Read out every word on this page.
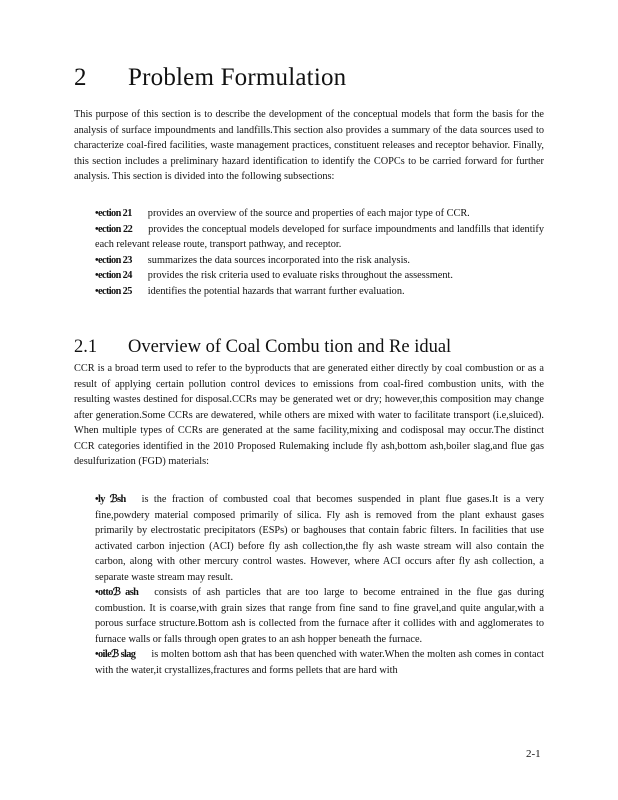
2 Problem Formulation

This purpose of this section is to describe the development of the conceptual models that form the basis for the analysis of surface impoundments and landfills.This section also provides a summary of the data sources used to characterize coal-fired facilities, waste management practices, constituent releases and receptor behavior. Finally, this section includes a preliminary hazard identification to identify the COPCs to be carried forward for further analysis. This section is divided into the following subsections:

•ection 21 provides an overview of the source and properties of each major type of CCR.
•ection 22 provides the conceptual models developed for surface impoundments and landfills that identify each relevant release route, transport pathway, and receptor.
•ection 23 summarizes the data sources incorporated into the risk analysis.
•ection 24 provides the risk criteria used to evaluate risks throughout the assessment.
•ection 25 identifies the potential hazards that warrant further evaluation.
2.1 Overview of Coal Combu tion and Re idual

CCR is a broad term used to refer to the byproducts that are generated either directly by coal combustion or as a result of applying certain pollution control devices to emissions from coal-fired combustion units, with the resulting wastes destined for disposal.CCRs may be generated wet or dry; however,this composition may change after generation.Some CCRs are dewatered, while others are mixed with water to facilitate transport (i.e,sluiced). When multiple types of CCRs are generated at the same facility,mixing and codisposal may occur.The distinct CCR categories identified in the 2010 Proposed Rulemaking include fly ash,bottom ash,boiler slag,and flue gas desulfurization (FGD) materials:

•ly ℬsh is the fraction of combusted coal that becomes suspended in plant flue gases.It is a very fine,powdery material composed primarily of silica. Fly ash is removed from the plant exhaust gases primarily by electrostatic precipitators (ESPs) or baghouses that contain fabric filters. In facilities that use activated carbon injection (ACI) before fly ash collection,the fly ash waste stream will also contain the carbon, along with other mercury control wastes. However, where ACI occurs after fly ash collection, a separate waste stream may result.
•ottoℬ ash consists of ash particles that are too large to become entrained in the flue gas during combustion. It is coarse,with grain sizes that range from fine sand to fine gravel,and quite angular,with a porous surface structure.Bottom ash is collected from the furnace after it collides with and agglomerates to furnace walls or falls through open grates to an ash hopper beneath the furnace.
•oileℬ slag is molten bottom ash that has been quenched with water.When the molten ash comes in contact with the water,it crystallizes,fractures and forms pellets that are hard with
2-1
